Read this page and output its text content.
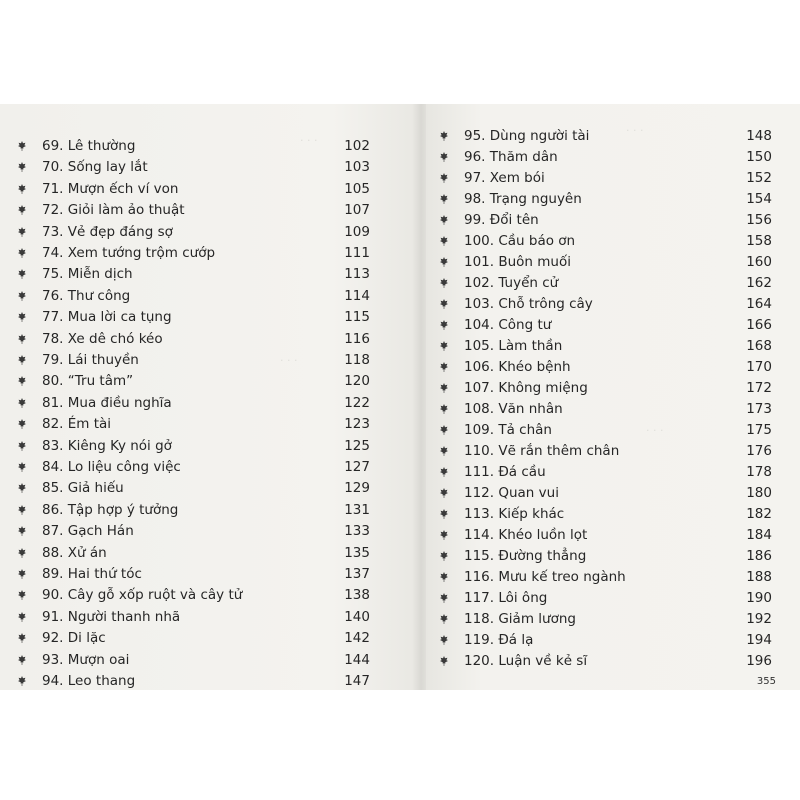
· · ·
· · ·
69. Lê thường	102
70. Sống lay lắt	103
71. Mượn ếch ví von	105
72. Giỏi làm ảo thuật	107
73. Vẻ đẹp đáng sợ	109
74. Xem tướng trộm cướp	111
75. Miễn dịch	113
76. Thư công	114
77. Mua lời ca tụng	115
78. Xe dê chó kéo	116
79. Lái thuyền	118
80. “Tru tâm”	120
81. Mua điều nghĩa	122
82. Ém tài	123
83. Kiêng Ky nói gở	125
84. Lo liệu công việc	127
85. Giả hiếu	129
86. Tập hợp ý tưởng	131
87. Gạch Hán	133
88. Xử án	135
89. Hai thứ tóc	137
90. Cây gỗ xốp ruột và cây tử	138
91. Người thanh nhã	140
92. Di lặc	142
93. Mượn oai	144
94. Leo thang	147
· · ·
· · ·
95. Dùng người tài	148
96. Thăm dân	150
97. Xem bói	152
98. Trạng nguyên	154
99. Đổi tên	156
100. Cầu báo ơn	158
101. Buôn muối	160
102. Tuyển cử	162
103. Chỗ trông cây	164
104. Công tư	166
105. Làm thần	168
106. Khéo bệnh	170
107. Không miệng	172
108. Văn nhân	173
109. Tả chân	175
110. Vẽ rắn thêm chân	176
111. Đá cầu	178
112. Quan vui	180
113. Kiếp khác	182
114. Khéo luồn lọt	184
115. Đường thẳng	186
116. Mưu kế treo ngành	188
117. Lôi ông	190
118. Giảm lương	192
119. Đá lạ	194
120. Luận về kẻ sĩ	196
355
